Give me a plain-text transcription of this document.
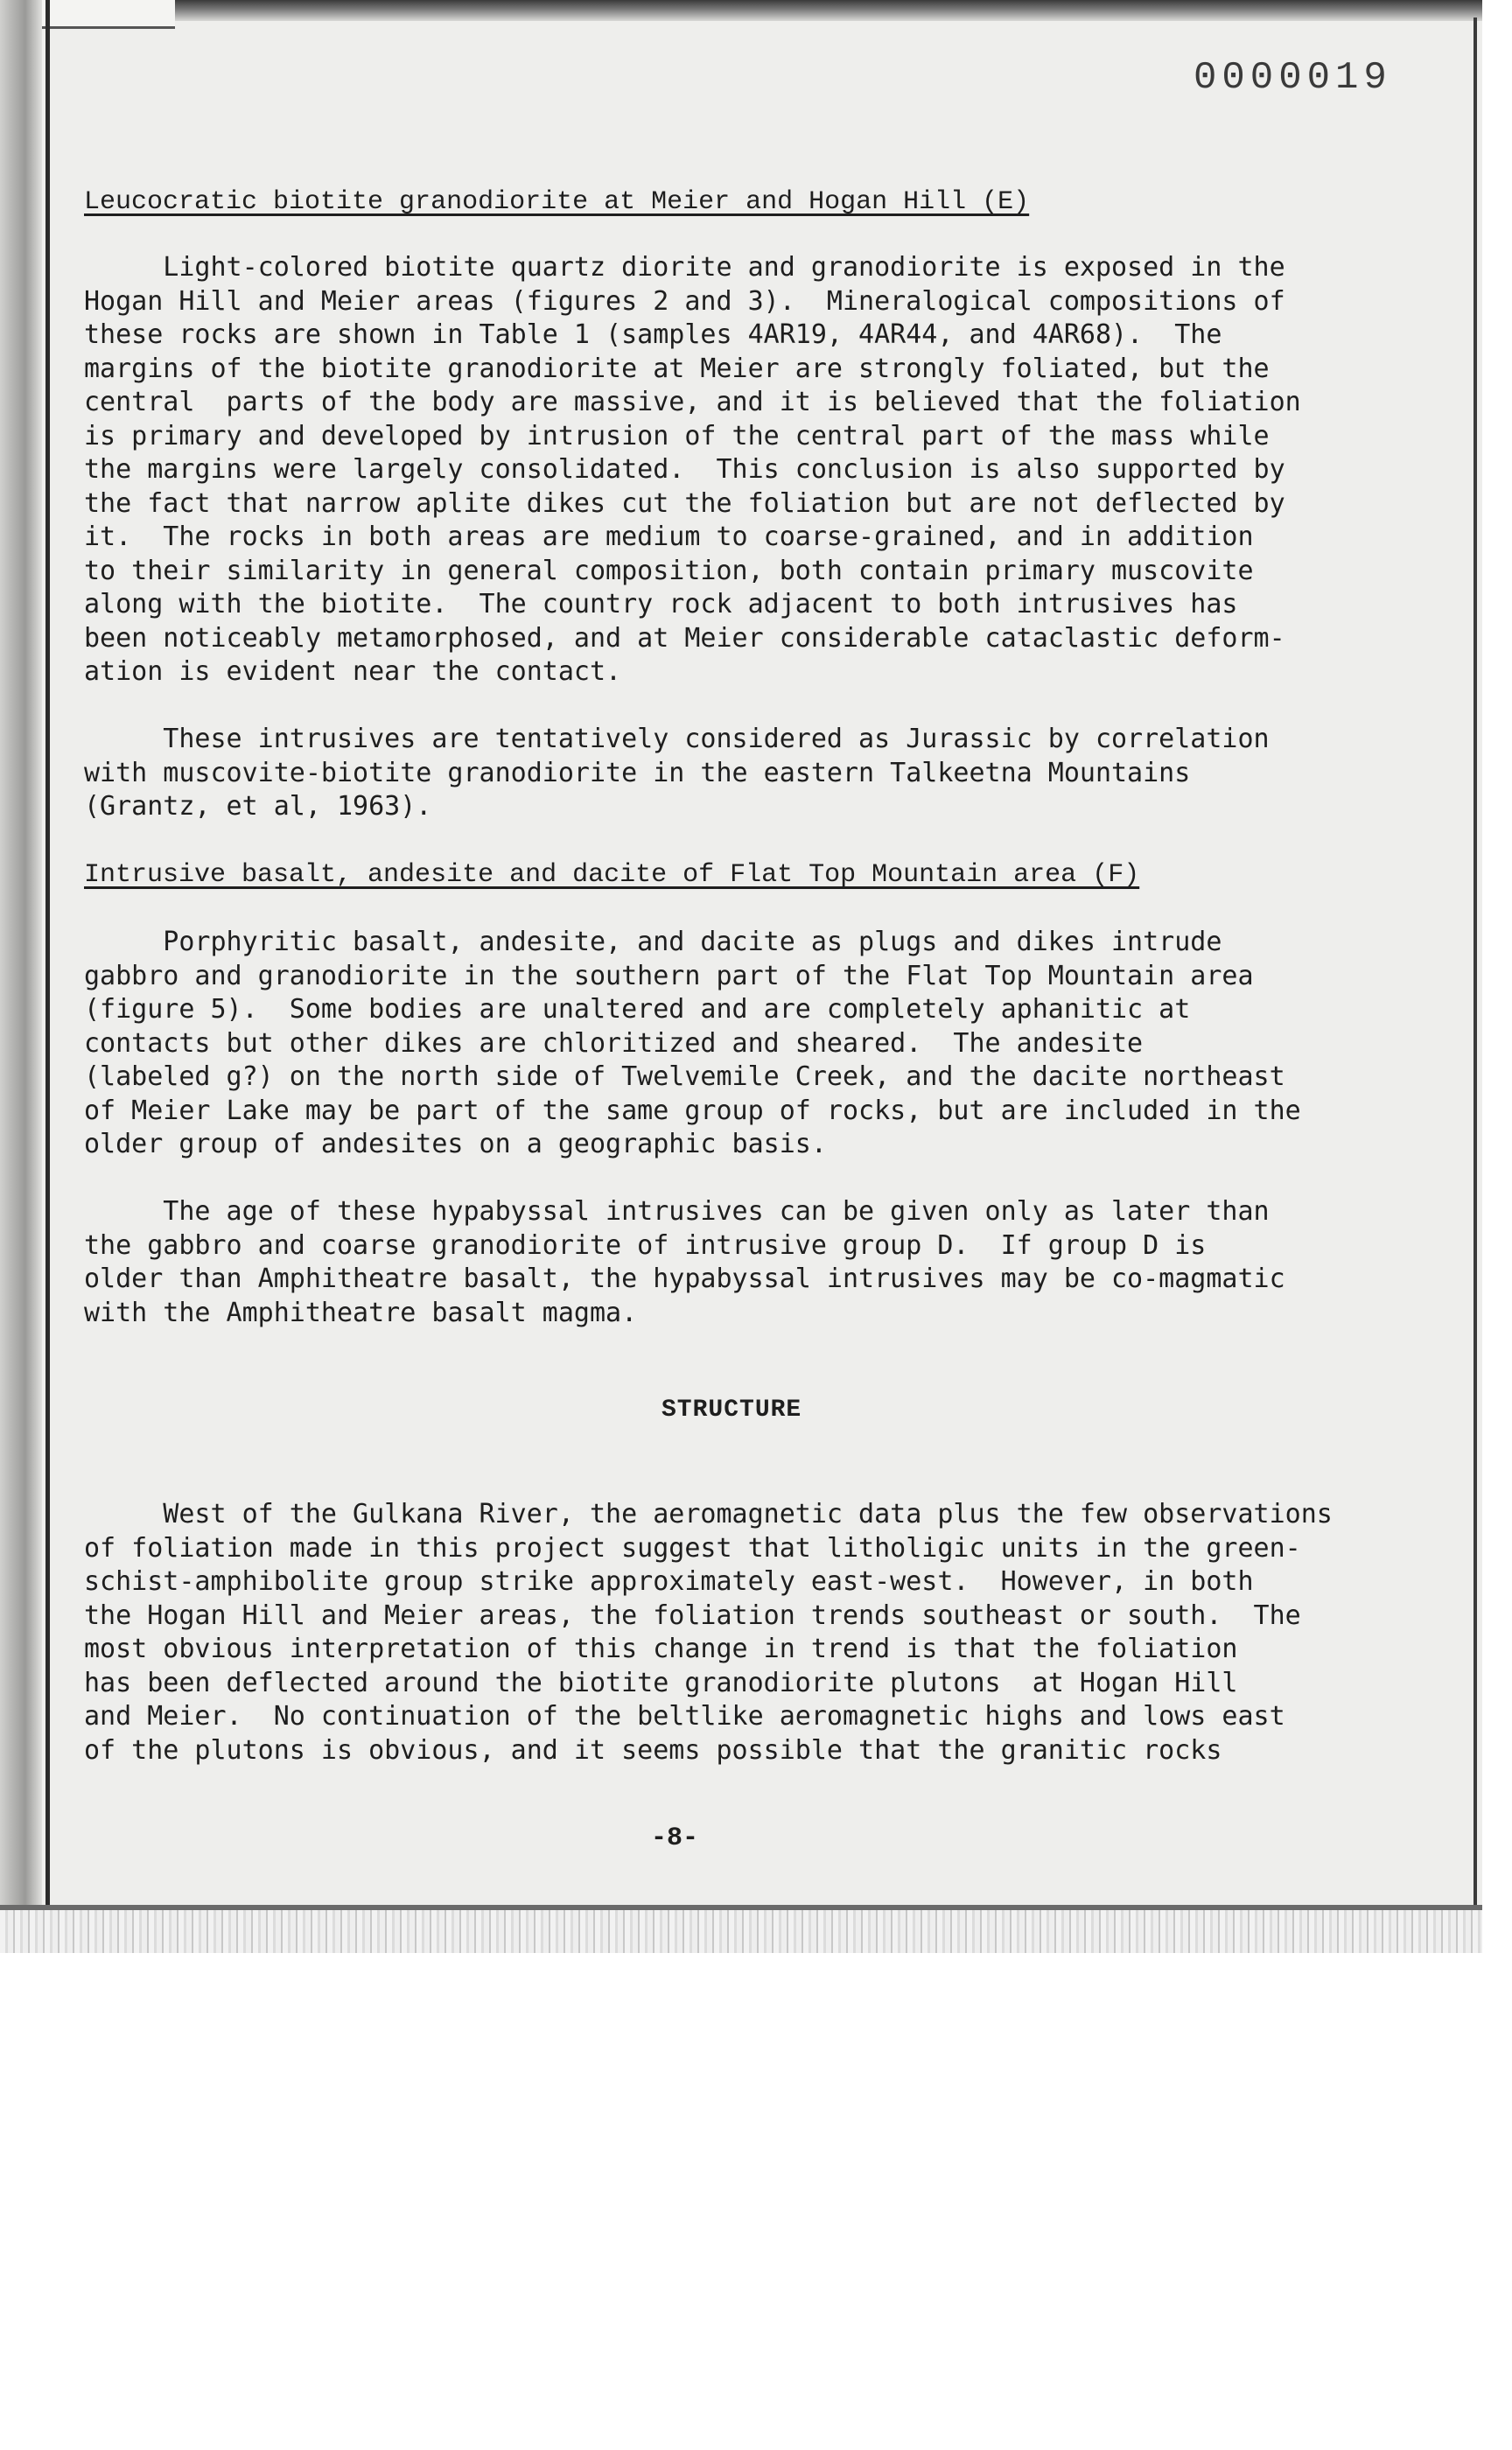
0000019
Leucocratic biotite granodiorite at Meier and Hogan Hill (E)
Light-colored biotite quartz diorite and granodiorite is exposed in the
Hogan Hill and Meier areas (figures 2 and 3).  Mineralogical compositions of
these rocks are shown in Table 1 (samples 4AR19, 4AR44, and 4AR68).  The
margins of the biotite granodiorite at Meier are strongly foliated, but the
central  parts of the body are massive, and it is believed that the foliation
is primary and developed by intrusion of the central part of the mass while
the margins were largely consolidated.  This conclusion is also supported by
the fact that narrow aplite dikes cut the foliation but are not deflected by
it.  The rocks in both areas are medium to coarse-grained, and in addition
to their similarity in general composition, both contain primary muscovite
along with the biotite.  The country rock adjacent to both intrusives has
been noticeably metamorphosed, and at Meier considerable cataclastic deform-
ation is evident near the contact.
These intrusives are tentatively considered as Jurassic by correlation
with muscovite-biotite granodiorite in the eastern Talkeetna Mountains
(Grantz, et al, 1963).
Intrusive basalt, andesite and dacite of Flat Top Mountain area (F)
Porphyritic basalt, andesite, and dacite as plugs and dikes intrude
gabbro and granodiorite in the southern part of the Flat Top Mountain area
(figure 5).  Some bodies are unaltered and are completely aphanitic at
contacts but other dikes are chloritized and sheared.  The andesite
(labeled g?) on the north side of Twelvemile Creek, and the dacite northeast
of Meier Lake may be part of the same group of rocks, but are included in the
older group of andesites on a geographic basis.
The age of these hypabyssal intrusives can be given only as later than
the gabbro and coarse granodiorite of intrusive group D.  If group D is
older than Amphitheatre basalt, the hypabyssal intrusives may be co-magmatic
with the Amphitheatre basalt magma.
STRUCTURE
West of the Gulkana River, the aeromagnetic data plus the few observations
of foliation made in this project suggest that litholigic units in the green-
schist-amphibolite group strike approximately east-west.  However, in both
the Hogan Hill and Meier areas, the foliation trends southeast or south.  The
most obvious interpretation of this change in trend is that the foliation
has been deflected around the biotite granodiorite plutons  at Hogan Hill
and Meier.  No continuation of the beltlike aeromagnetic highs and lows east
of the plutons is obvious, and it seems possible that the granitic rocks
-8-
